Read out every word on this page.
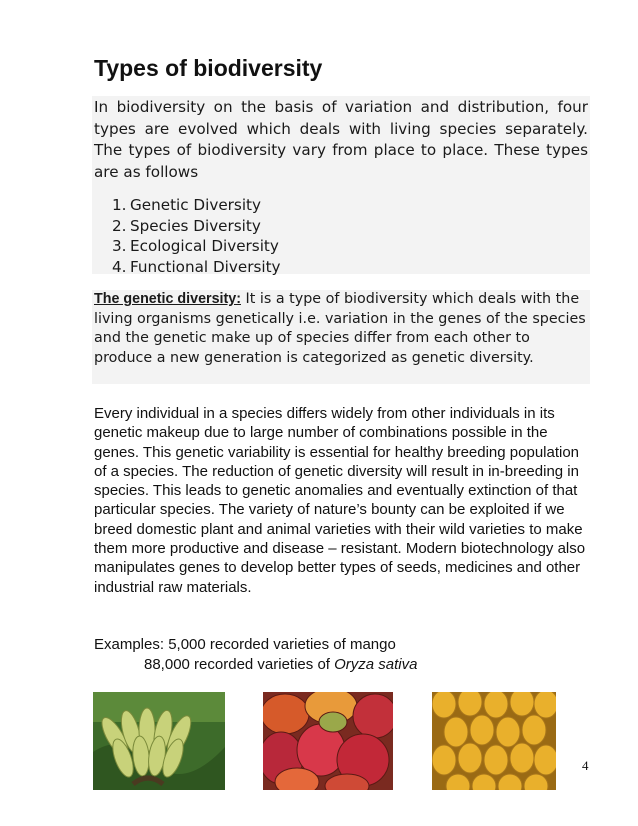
Types of biodiversity

In biodiversity on the basis of variation and distribution, four types are evolved which deals with living species separately. The types of biodiversity vary from place to place. These types are as follows

1. Genetic Diversity
2. Species Diversity
3. Ecological Diversity
4. Functional Diversity

The genetic diversity: It is a type of biodiversity which deals with the living organisms genetically i.e. variation in the genes of the species and the genetic make up of species differ from each other to produce a new generation is categorized as genetic diversity.

Every individual in a species differs widely from other individuals in its genetic makeup due to large number of combinations possible in the genes. This genetic variability is essential for healthy breeding population of a species. The reduction of genetic diversity will result in in-breeding in species. This leads to genetic anomalies and eventually extinction of that particular species. The variety of nature’s bounty can be exploited if we breed domestic plant and animal varieties with their wild varieties to make them more productive and disease – resistant. Modern biotechnology also manipulates genes to develop better types of seeds, medicines and other industrial raw materials.

Examples: 5,000 recorded varieties of mango
88,000 recorded varieties of Oryza sativa

4
